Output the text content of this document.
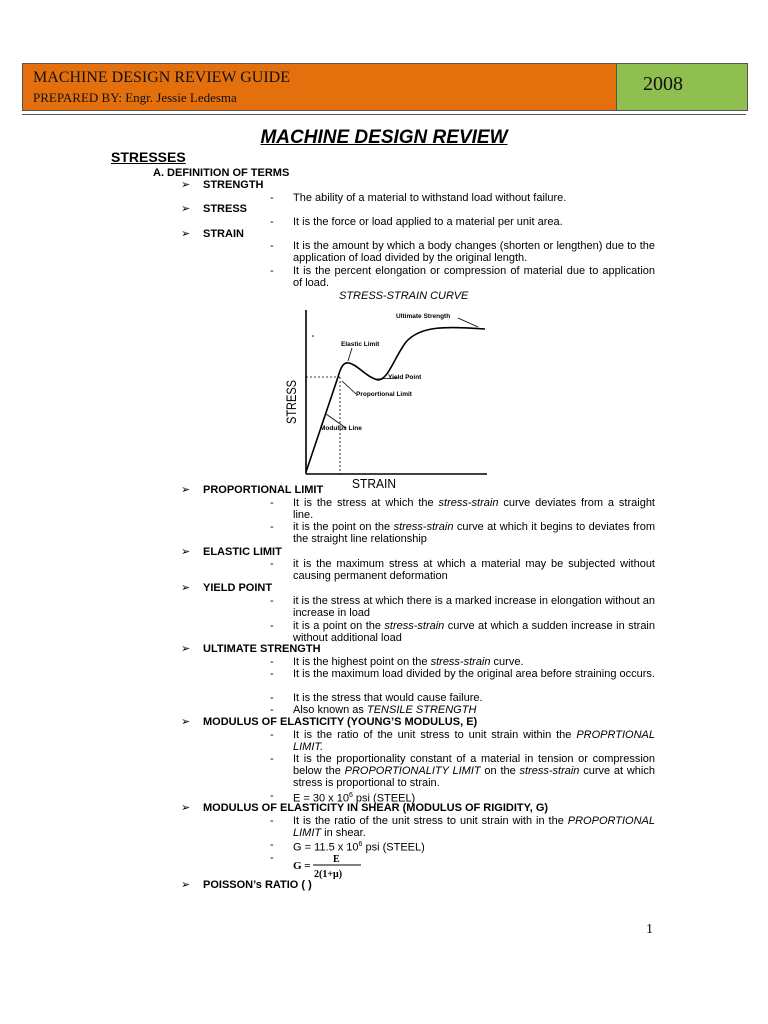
MACHINE DESIGN REVIEW GUIDE
PREPARED BY: Engr. Jessie Ledesma
2008
MACHINE DESIGN REVIEW
STRESSES
A. DEFINITION OF TERMS
➢ STRENGTH
- The ability of a material to withstand load without failure.
➢ STRESS
- It is the force or load applied to a material per unit area.
➢ STRAIN
- It is the amount by which a body changes (shorten or lengthen) due to the application of load divided by the original length.
- It is the percent elongation or compression of material due to application of load.
STRESS-STRAIN CURVE
Ultimate Strength
Elastic Limit
Yield Point
Proportional Limit
Modulus Line
STRESS
STRAIN
➢ PROPORTIONAL LIMIT
- It is the stress at which the stress-strain curve deviates from a straight line.
- it is the point on the stress-strain curve at which it begins to deviates from the straight line relationship
➢ ELASTIC LIMIT
- it is the maximum stress at which a material may be subjected without causing permanent deformation
➢ YIELD POINT
- it is the stress at which there is a marked increase in elongation without an increase in load
- it is a point on the stress-strain curve at which a sudden increase in strain without additional load
➢ ULTIMATE STRENGTH
- It is the highest point on the stress-strain curve.
- It is the maximum load divided by the original area before straining occurs.
- It is the stress that would cause failure.
- Also known as TENSILE STRENGTH
➢ MODULUS OF ELASTICITY (YOUNG’S MODULUS, E)
- It is the ratio of the unit stress to unit strain within the PROPRTIONAL LIMIT.
- It is the proportionality constant of a material in tension or compression below the PROPORTIONALITY LIMIT on the stress-strain curve at which stress is proportional to strain.
- E = 30 x $10^6$ psi (STEEL)
➢ MODULUS OF ELASTICITY IN SHEAR (MODULUS OF RIGIDITY, G)
- It is the ratio of the unit stress to unit strain with in the PROPORTIONAL LIMIT in shear.
- G = 11.5 x $10^6$ psi (STEEL)
-
G =
E
2(1+μ)
➢ POISSON’s RATIO ( )
1
